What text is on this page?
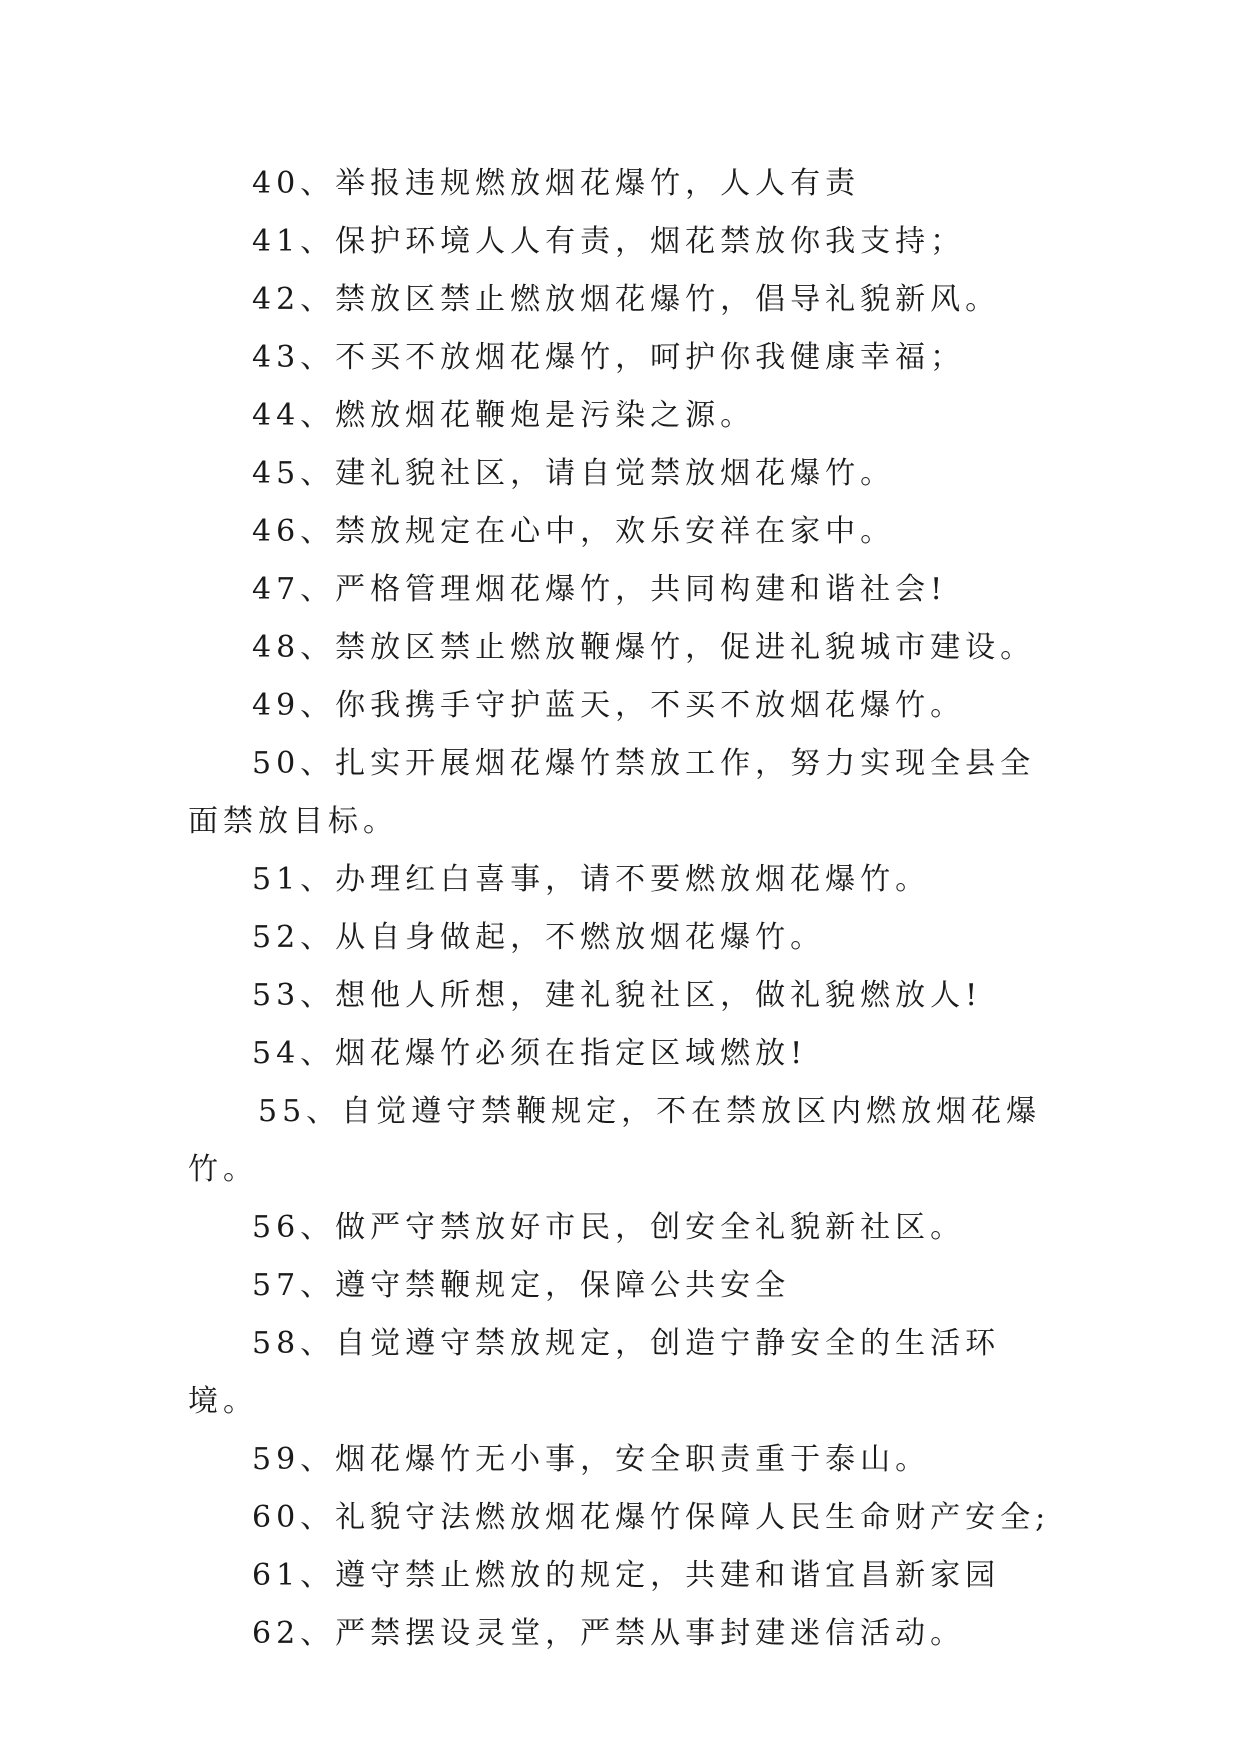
40、举报违规燃放烟花爆竹，人人有责

41、保护环境人人有责，烟花禁放你我支持；

42、禁放区禁止燃放烟花爆竹，倡导礼貌新风。

43、不买不放烟花爆竹，呵护你我健康幸福；

44、燃放烟花鞭炮是污染之源。

45、建礼貌社区，请自觉禁放烟花爆竹。

46、禁放规定在心中，欢乐安祥在家中。

47、严格管理烟花爆竹，共同构建和谐社会!

48、禁放区禁止燃放鞭爆竹，促进礼貌城市建设。

49、你我携手守护蓝天，不买不放烟花爆竹。

50、扎实开展烟花爆竹禁放工作，努力实现全县全面禁放目标。

51、办理红白喜事，请不要燃放烟花爆竹。

52、从自身做起，不燃放烟花爆竹。

53、想他人所想，建礼貌社区，做礼貌燃放人!

54、烟花爆竹必须在指定区域燃放!

55、自觉遵守禁鞭规定，不在禁放区内燃放烟花爆竹。

56、做严守禁放好市民，创安全礼貌新社区。

57、遵守禁鞭规定，保障公共安全

58、自觉遵守禁放规定，创造宁静安全的生活环境。

59、烟花爆竹无小事，安全职责重于泰山。

60、礼貌守法燃放烟花爆竹保障人民生命财产安全;

61、遵守禁止燃放的规定，共建和谐宜昌新家园

62、严禁摆设灵堂，严禁从事封建迷信活动。
